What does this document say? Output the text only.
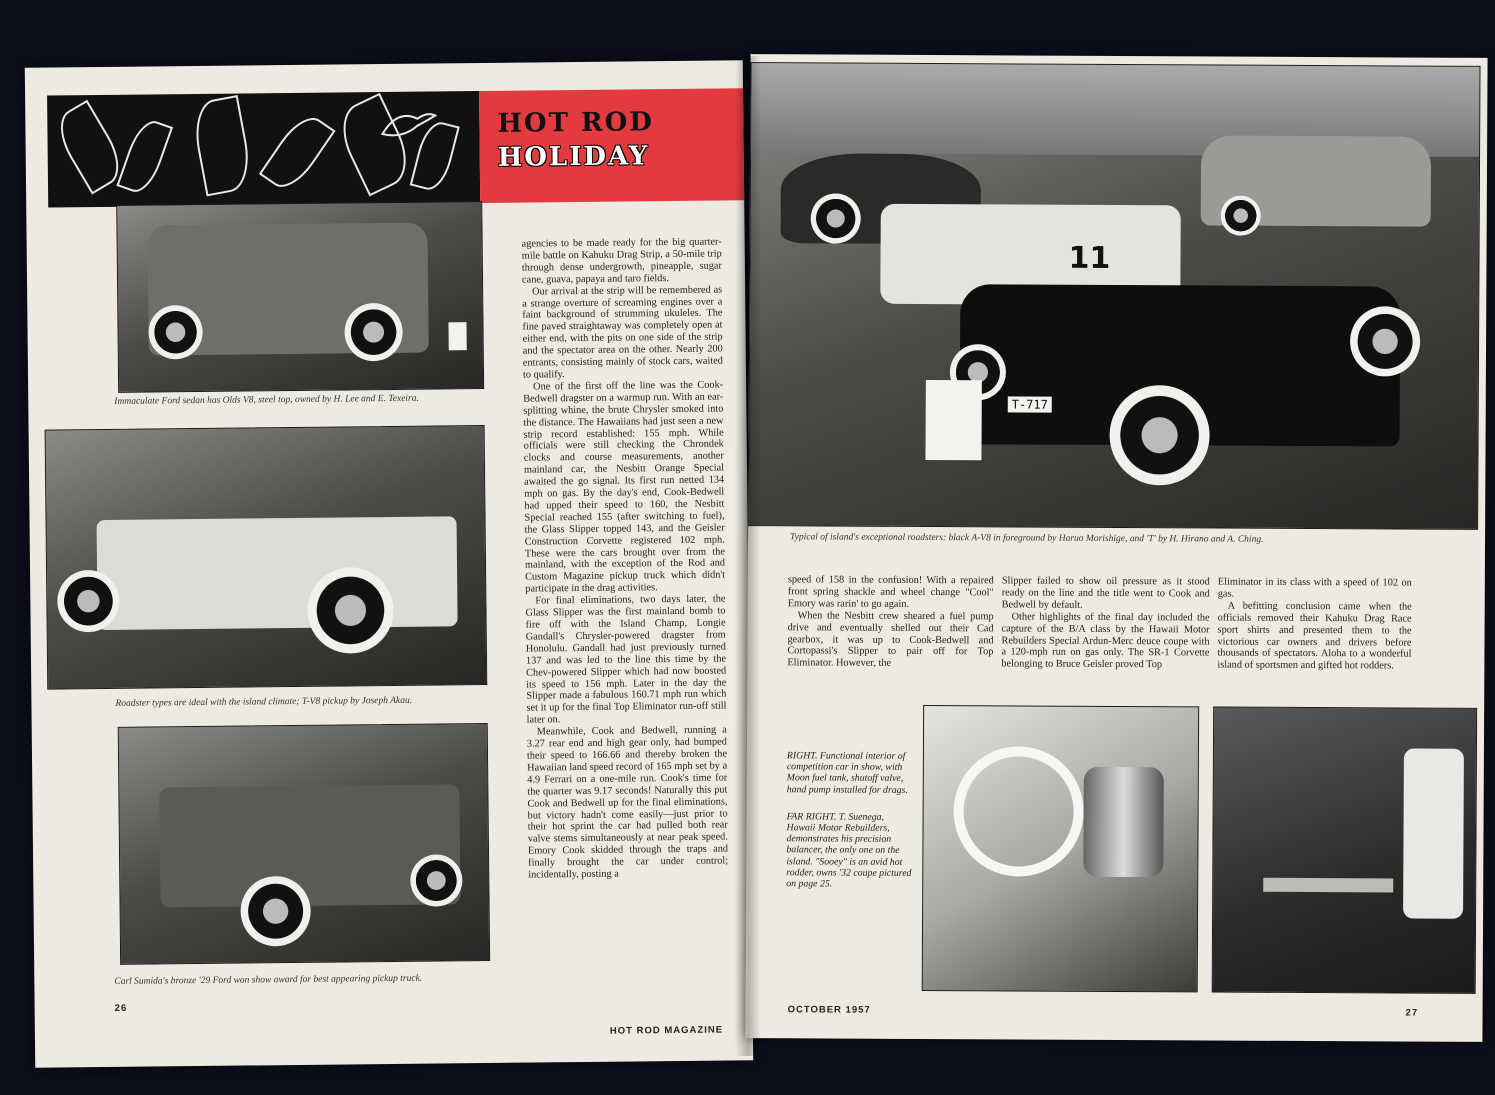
HOT ROD
HOLIDAY
Immaculate Ford sedan has Olds V8, steel top, owned by H. Lee and E. Texeira.
Roadster types are ideal with the island climate; T-V8 pickup by Joseph Akau.
Carl Sumida's bronze '29 Ford won show award for best appearing pickup truck.
26
HOT ROD MAGAZINE

agencies to be made ready for the big quarter-mile battle on Kahuku Drag Strip, a 50-mile trip through dense undergrowth, pineapple, sugar cane, guava, papaya and taro fields.

Our arrival at the strip will be remembered as a strange overture of screaming engines over a faint background of strumming ukuleles. The fine paved straightaway was completely open at either end, with the pits on one side of the strip and the spectator area on the other. Nearly 200 entrants, consisting mainly of stock cars, waited to qualify.

One of the first off the line was the Cook-Bedwell dragster on a warmup run. With an ear-splitting whine, the brute Chrysler smoked into the distance. The Hawaiians had just seen a new strip record established: 155 mph. While officials were still checking the Chrondek clocks and course measurements, another mainland car, the Nesbitt Orange Special awaited the go signal. Its first run netted 134 mph on gas. By the day's end, Cook-Bedwell had upped their speed to 160, the Nesbitt Special reached 155 (after switching to fuel), the Glass Slipper topped 143, and the Geisler Construction Corvette registered 102 mph. These were the cars brought over from the mainland, with the exception of the Rod and Custom Magazine pickup truck which didn't participate in the drag activities.

For final eliminations, two days later, the Glass Slipper was the first mainland bomb to fire off with the Island Champ, Longie Gandall's Chrysler-powered dragster from Honolulu. Gandall had just previously turned 137 and was led to the line this time by the Chev-powered Slipper which had now boosted its speed to 156 mph. Later in the day the Slipper made a fabulous 160.71 mph run which set it up for the final Top Eliminator run-off still later on.

Meanwhile, Cook and Bedwell, running a 3.27 rear end and high gear only, had bumped their speed to 166.66 and thereby broken the Hawaiian land speed record of 165 mph set by a 4.9 Ferrari on a one-mile run. Cook's time for the quarter was 9.17 seconds! Naturally this put Cook and Bedwell up for the final eliminations, but victory hadn't come easily—just prior to their hot sprint the car had pulled both rear valve stems simultaneously at near peak speed. Emory Cook skidded through the traps and finally brought the car under control; incidentally, posting a

11
T-717
Typical of island's exceptional roadsters: black A-V8 in foreground by Haruo Morishige, and 'T' by H. Hirano and A. Ching.

speed of 158 in the confusion! With a repaired front spring shackle and wheel change "Cool" Emory was rarin' to go again.

When the Nesbitt crew sheared a fuel pump drive and eventually shelled out their Cad gearbox, it was up to Cook-Bedwell and Cortopassi's Slipper to pair off for Top Eliminator. However, the

Slipper failed to show oil pressure as it stood ready on the line and the title went to Cook and Bedwell by default.

Other highlights of the final day included the capture of the B/A class by the Hawaii Motor Rebuilders Special Ardun-Merc deuce coupe with a 120-mph run on gas only. The SR-1 Corvette belonging to Bruce Geisler proved Top

Eliminator in its class with a speed of 102 on gas.

A befitting conclusion came when the officials removed their Kahuku Drag Race sport shirts and presented them to the victorious car owners and drivers before thousands of spectators. Aloha to a wonderful island of sportsmen and gifted hot rodders.

RIGHT. Functional interior of competition car in show, with Moon fuel tank, shutoff valve, hand pump installed for drags.

FAR RIGHT. T. Suenega, Hawaii Motor Rebuilders, demonstrates his precision balancer, the only one on the island. "Sooey" is an avid hot rodder, owns '32 coupe pictured on page 25.

OCTOBER 1957	27
